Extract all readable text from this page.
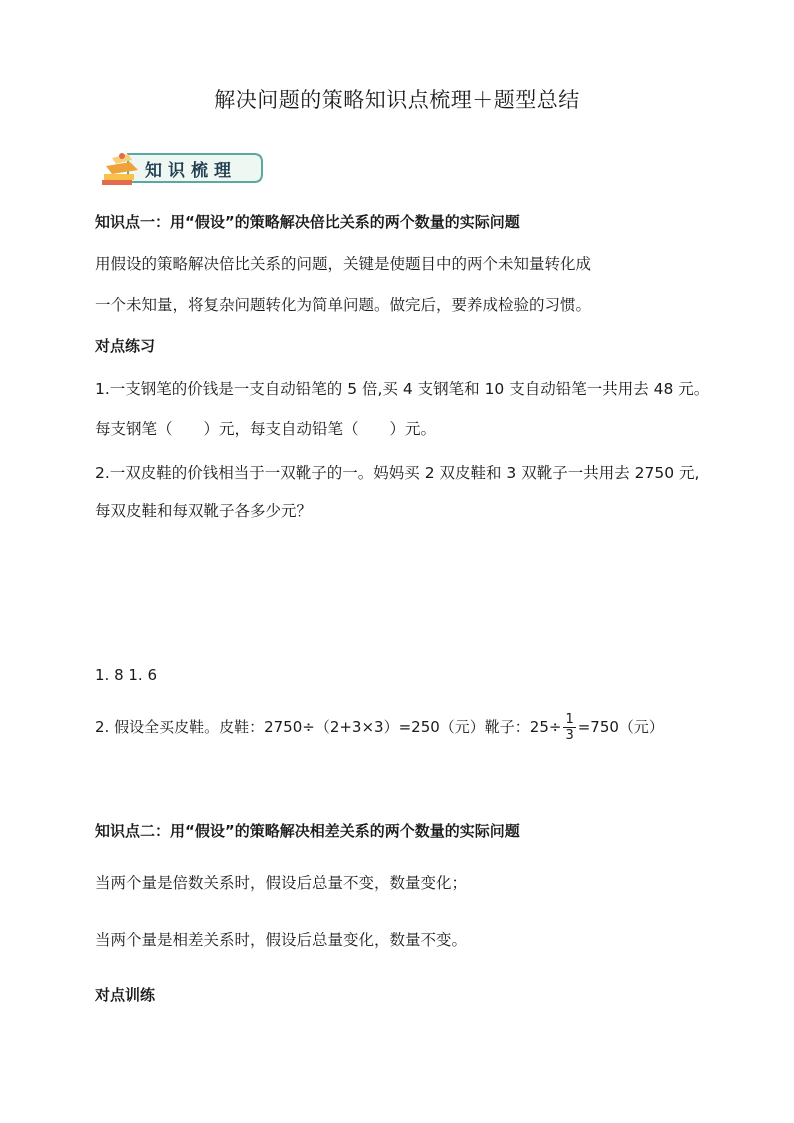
解决问题的策略知识点梳理＋题型总结
知识梳理
知识点一：用“假设”的策略解决倍比关系的两个数量的实际问题
用假设的策略解决倍比关系的问题，关键是使题目中的两个未知量转化成
一个未知量，将复杂问题转化为简单问题。做完后，要养成检验的习惯。
对点练习
1.一支钢笔的价钱是一支自动铅笔的 5 倍,买 4 支钢笔和 10 支自动铅笔一共用去 48 元。
每支钢笔（　　）元，每支自动铅笔（　　）元。
2.一双皮鞋的价钱相当于一双靴子的一。妈妈买 2 双皮鞋和 3 双靴子一共用去 2750 元,
每双皮鞋和每双靴子各多少元？
1. 8 1. 6
2. 假设全买皮鞋。皮鞋：2750÷（2+3×3）=250（元）靴子：$25\div \frac{1}{3} =750$（元）
知识点二：用“假设”的策略解决相差关系的两个数量的实际问题
当两个量是倍数关系时，假设后总量不变，数量变化；
当两个量是相差关系时，假设后总量变化，数量不变。
对点训练
